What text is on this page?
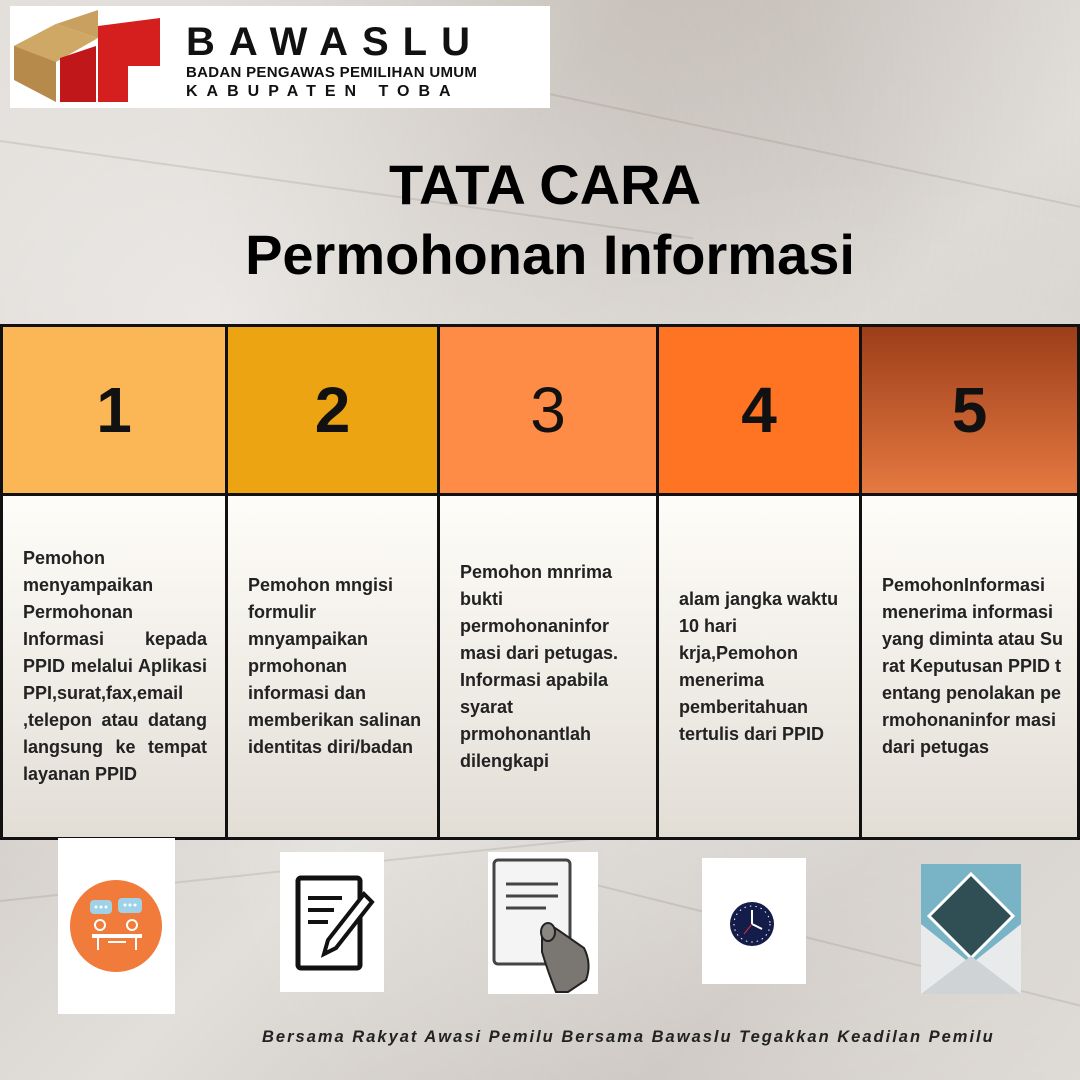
BAWASLU
BADAN PENGAWAS PEMILIHAN UMUM
KABUPATEN TOBA
TATA CARA
Permohonan Informasi
1
Pemohon menyampaikan Permohonan Informasi kepada PPID melalui Aplikasi PPI,surat,fax,email ,telepon atau datang langsung ke tempat layanan PPID
2
Pemohon mngisi formulir mnyampaikan prmohonan informasi dan memberikan salinan identitas diri/badan
3
Pemohon mnrima bukti permohonaninfor masi dari petugas. Informasi apabila syarat prmohonantlah dilengkapi
4
alam jangka waktu 10 hari krja,Pemohon menerima pemberitahuan tertulis dari PPID
5
PemohonInformasi menerima informasi yang diminta atau Surat Keputusan PPID tentang penolakan permohonaninfor masi dari petugas
Bersama Rakyat Awasi Pemilu Bersama Bawaslu Tegakkan Keadilan Pemilu
